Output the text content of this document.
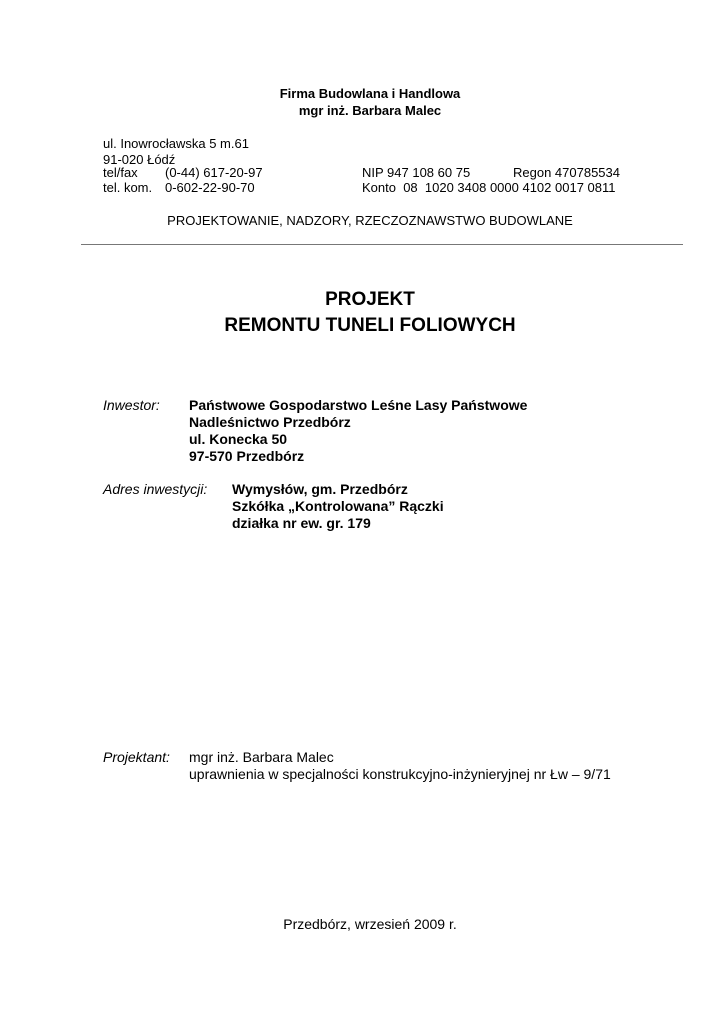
Firma Budowlana i Handlowa
mgr inż. Barbara Malec
ul. Inowrocławska 5 m.61
91-020 Łódź
tel/fax (0-44) 617-20-97
tel. kom. 0-602-22-90-70
NIP 947 108 60 75	Regon 470785534
Konto  08  1020 3408 0000 4102 0017 0811
PROJEKTOWANIE, NADZORY, RZECZOZNAWSTWO BUDOWLANE
PROJEKT
REMONTU TUNELI FOLIOWYCH
Inwestor: Państwowe Gospodarstwo Leśne Lasy Państwowe
Nadleśnictwo Przedbórz
ul. Konecka 50
97-570 Przedbórz
Adres inwestycji: Wymysłów, gm. Przedbórz
Szkółka „Kontrolowana” Rączki
działka nr ew. gr. 179
Projektant: mgr inż. Barbara Malec
uprawnienia w specjalności konstrukcyjno-inżynieryjnej nr Łw – 9/71
Przedbórz, wrzesień 2009 r.
